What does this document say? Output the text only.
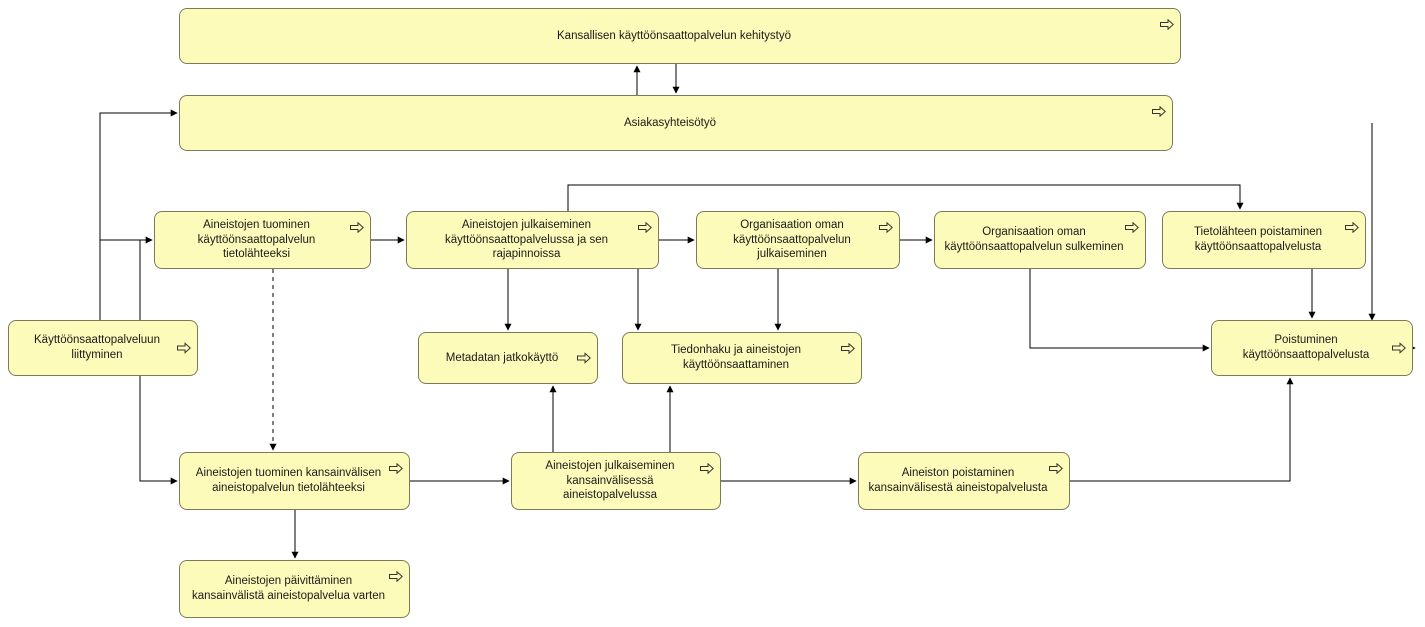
Kansallisen käyttöönsaattopalvelun kehitystyö
Asiakasyhteisötyö
Aineistojen tuominen käyttöönsaattopalvelun tietolähteeksi
Aineistojen julkaiseminen käyttöönsaattopalvelussa ja sen rajapinnoissa
Organisaation oman käyttöönsaattopalvelun julkaiseminen
Organisaation oman käyttöönsaattopalvelun sulkeminen
Tietolähteen poistaminen käyttöönsaattopalvelusta
Käyttöönsaattopalveluun liittyminen	Metadatan jatkokäyttö
Tiedonhaku ja aineistojen käyttöönsaattaminen
Poistuminen käyttöönsaattopalvelusta
Aineistojen tuominen kansainvälisen aineistopalvelun tietolähteeksi
Aineistojen julkaiseminen kansainvälisessä aineistopalvelussa
Aineiston poistaminen kansainvälisestä aineistopalvelusta
Aineistojen päivittäminen kansainvälistä aineistopalvelua varten
